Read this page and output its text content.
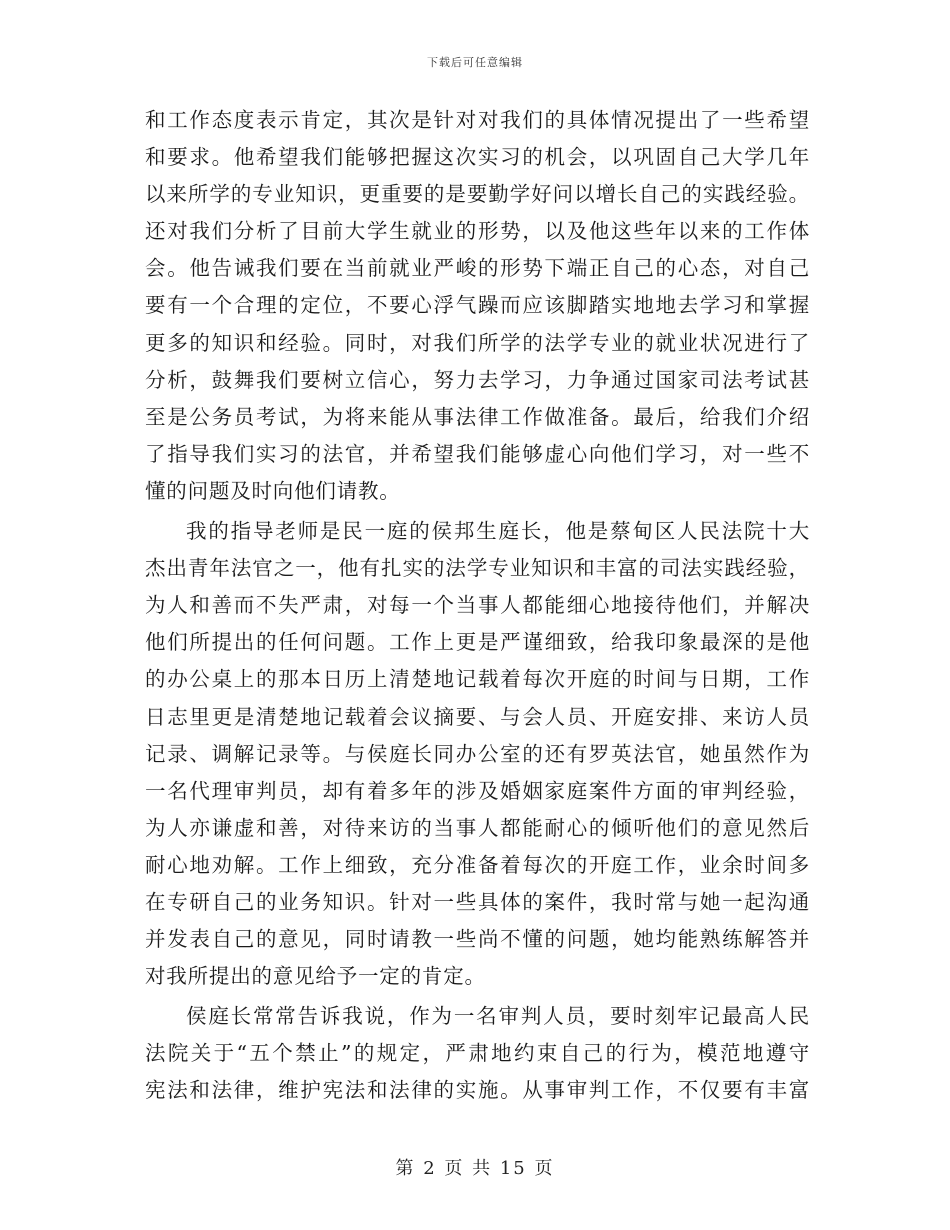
下载后可任意编辑
和工作态度表示肯定，其次是针对对我们的具体情况提出了一些希望
和要求。他希望我们能够把握这次实习的机会，以巩固自己大学几年
以来所学的专业知识，更重要的是要勤学好问以增长自己的实践经验。
还对我们分析了目前大学生就业的形势，以及他这些年以来的工作体
会。他告诫我们要在当前就业严峻的形势下端正自己的心态，对自己
要有一个合理的定位，不要心浮气躁而应该脚踏实地地去学习和掌握
更多的知识和经验。同时，对我们所学的法学专业的就业状况进行了
分析，鼓舞我们要树立信心，努力去学习，力争通过国家司法考试甚
至是公务员考试，为将来能从事法律工作做准备。最后，给我们介绍
了指导我们实习的法官，并希望我们能够虚心向他们学习，对一些不
懂的问题及时向他们请教。
我的指导老师是民一庭的侯邦生庭长，他是蔡甸区人民法院十大
杰出青年法官之一，他有扎实的法学专业知识和丰富的司法实践经验，
为人和善而不失严肃，对每一个当事人都能细心地接待他们，并解决
他们所提出的任何问题。工作上更是严谨细致，给我印象最深的是他
的办公桌上的那本日历上清楚地记载着每次开庭的时间与日期，工作
日志里更是清楚地记载着会议摘要、与会人员、开庭安排、来访人员
记录、调解记录等。与侯庭长同办公室的还有罗英法官，她虽然作为
一名代理审判员，却有着多年的涉及婚姻家庭案件方面的审判经验，
为人亦谦虚和善，对待来访的当事人都能耐心的倾听他们的意见然后
耐心地劝解。工作上细致，充分准备着每次的开庭工作，业余时间多
在专研自己的业务知识。针对一些具体的案件，我时常与她一起沟通
并发表自己的意见，同时请教一些尚不懂的问题，她均能熟练解答并
对我所提出的意见给予一定的肯定。
侯庭长常常告诉我说，作为一名审判人员，要时刻牢记最高人民
法院关于“五个禁止”的规定，严肃地约束自己的行为，模范地遵守
宪法和法律，维护宪法和法律的实施。从事审判工作，不仅要有丰富
第 2 页 共 15 页
